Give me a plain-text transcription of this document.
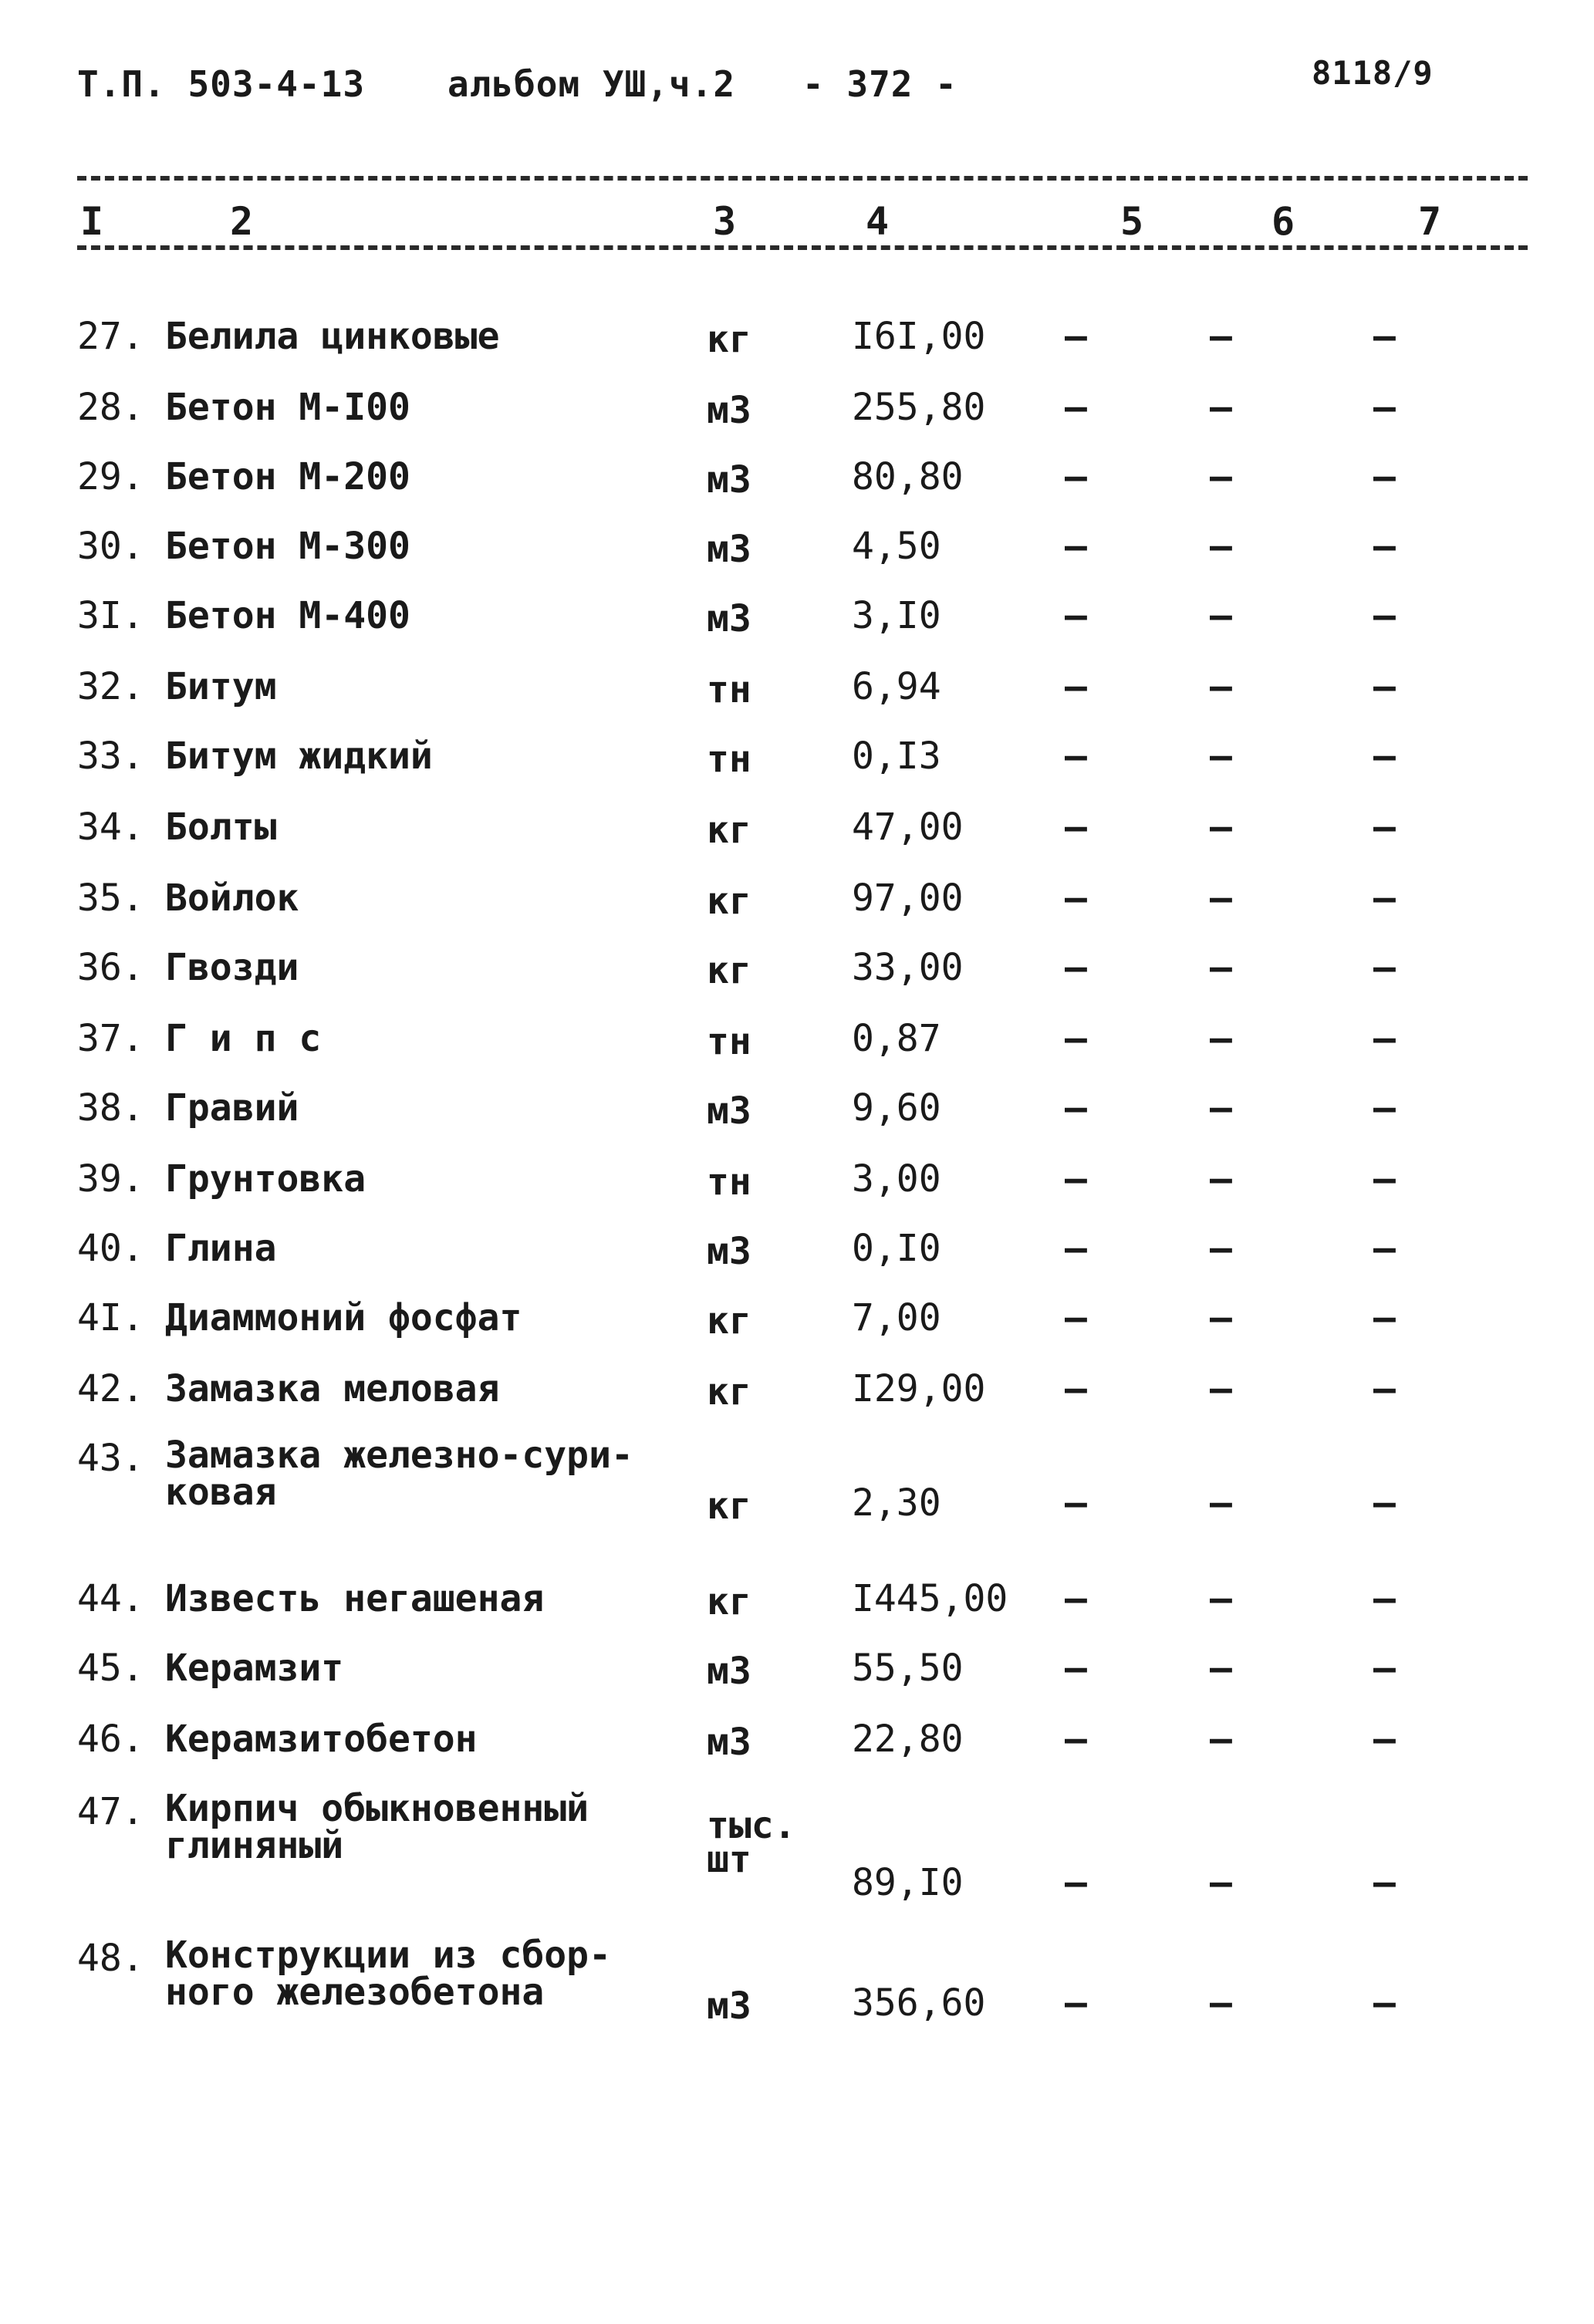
Т.П. 503-4-13 альбом УШ,ч.2 - 372 -	8118/9
I	2	3	4	5	6	7
27. Белила цинковые	кг	I6I,00 –	–	–
28. Бетон М-I00	м3	255,80 –	–	–
29. Бетон М-200	м3	80,80	–	–	–
30. Бетон М-300	м3	4,50	–	–	–
3I. Бетон М-400	м3	3,I0	–	–	–
32. Битум	тн	6,94	–	–	–
33. Битум жидкий	тн	0,I3	–	–	–
34. Болты	кг	47,00	–	–	–
35. Войлок	кг	97,00	–	–	–
36. Гвозди	кг	33,00	–	–	–
37. Г и п с	тн	0,87	–	–	–
38. Гравий	м3	9,60	–	–	–
39. Грунтовка	тн	3,00	–	–	–
40. Глина	м3	0,I0	–	–	–
4I. Диаммоний фосфат	кг	7,00	–	–	–
42. Замазка меловая	кг	I29,00 –	–	–
43. Замазка железно-сури-
ковая	кг	2,30	–	–	–
44. Известь негашеная	кг	I445,00 –	–	–
45. Керамзит	м3	55,50	–	–	–
46. Керамзитобетон	м3	22,80	–	–	–
47. Кирпич обыкновенный
глиняный	тыс.
шт
89,I0	–	–	–
48. Конструкции из сбор-
ного железобетона	м3	356,60 –	–	–
